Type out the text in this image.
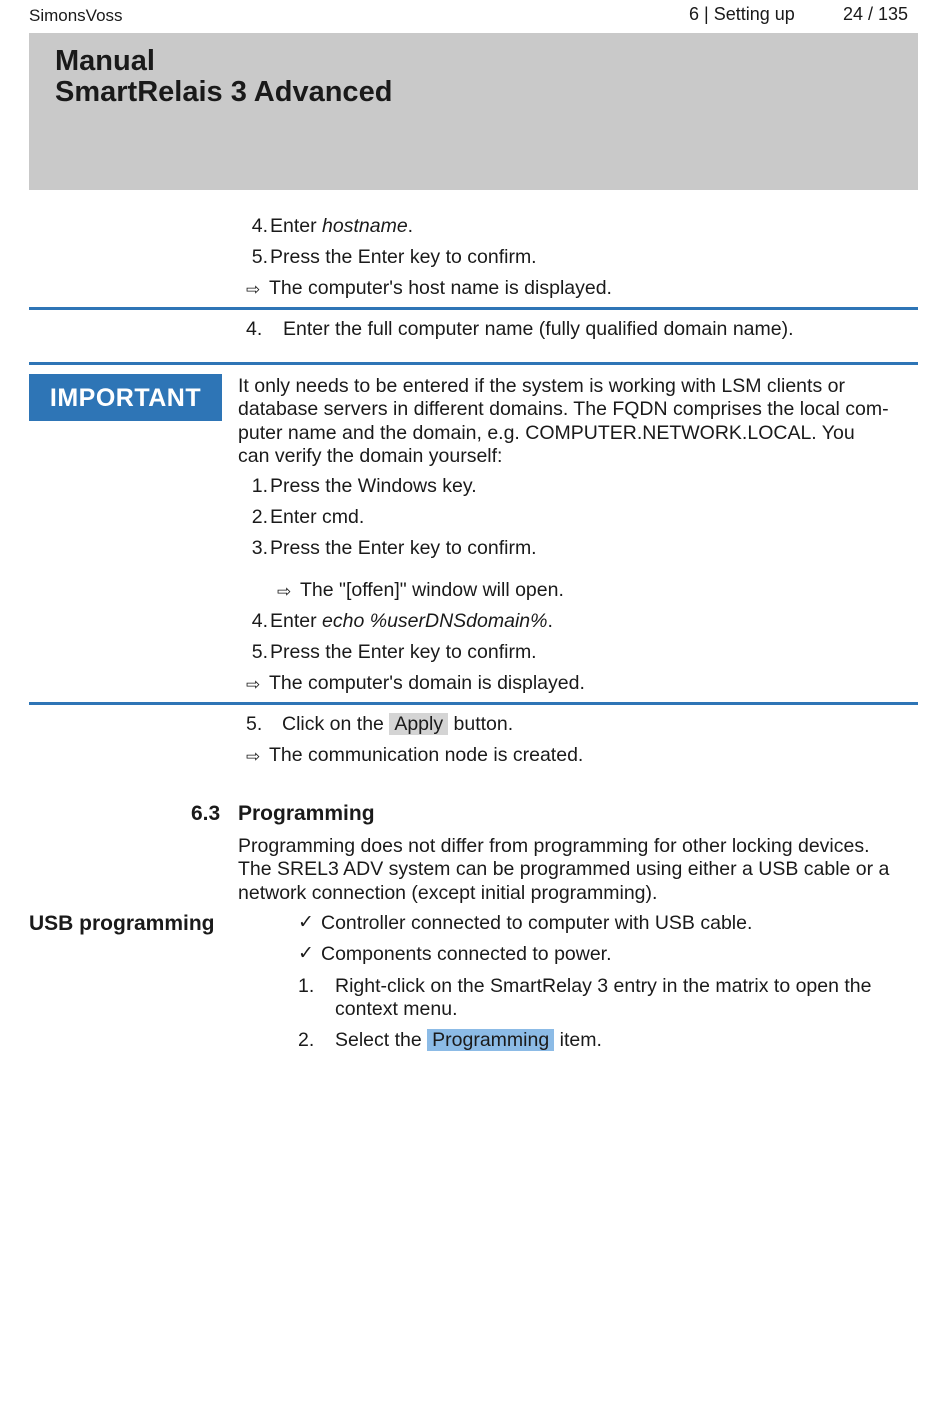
SimonsVoss	6 | Setting up	24 / 135
Manual
SmartRelais 3 Advanced
4. Enter hostname.
5. Press the Enter key to confirm.
⇨ The computer's host name is displayed.
4. Enter the full computer name (fully qualified domain name).
IMPORTANT	It only needs to be entered if the system is working with LSM clients or
database servers in different domains. The FQDN comprises the local com-
puter name and the domain, e.g. COMPUTER.NETWORK.LOCAL. You
can verify the domain yourself:
1. Press the Windows key.
2. Enter cmd.
3. Press the Enter key to confirm.
⇨ The "[offen]" window will open.
4. Enter echo %userDNSdomain%.
5. Press the Enter key to confirm.
⇨ The computer's domain is displayed.
5. Click on the Apply button.
⇨ The communication node is created.
6.3 Programming
Programming does not differ from programming for other locking devices.
The SREL3 ADV system can be programmed using either a USB cable or a
network connection (except initial programming).
USB programming	✓ Controller connected to computer with USB cable.
✓ Components connected to power.
1. Right-click on the SmartRelay 3 entry in the matrix to open the
context menu.
2. Select the Programming item.
